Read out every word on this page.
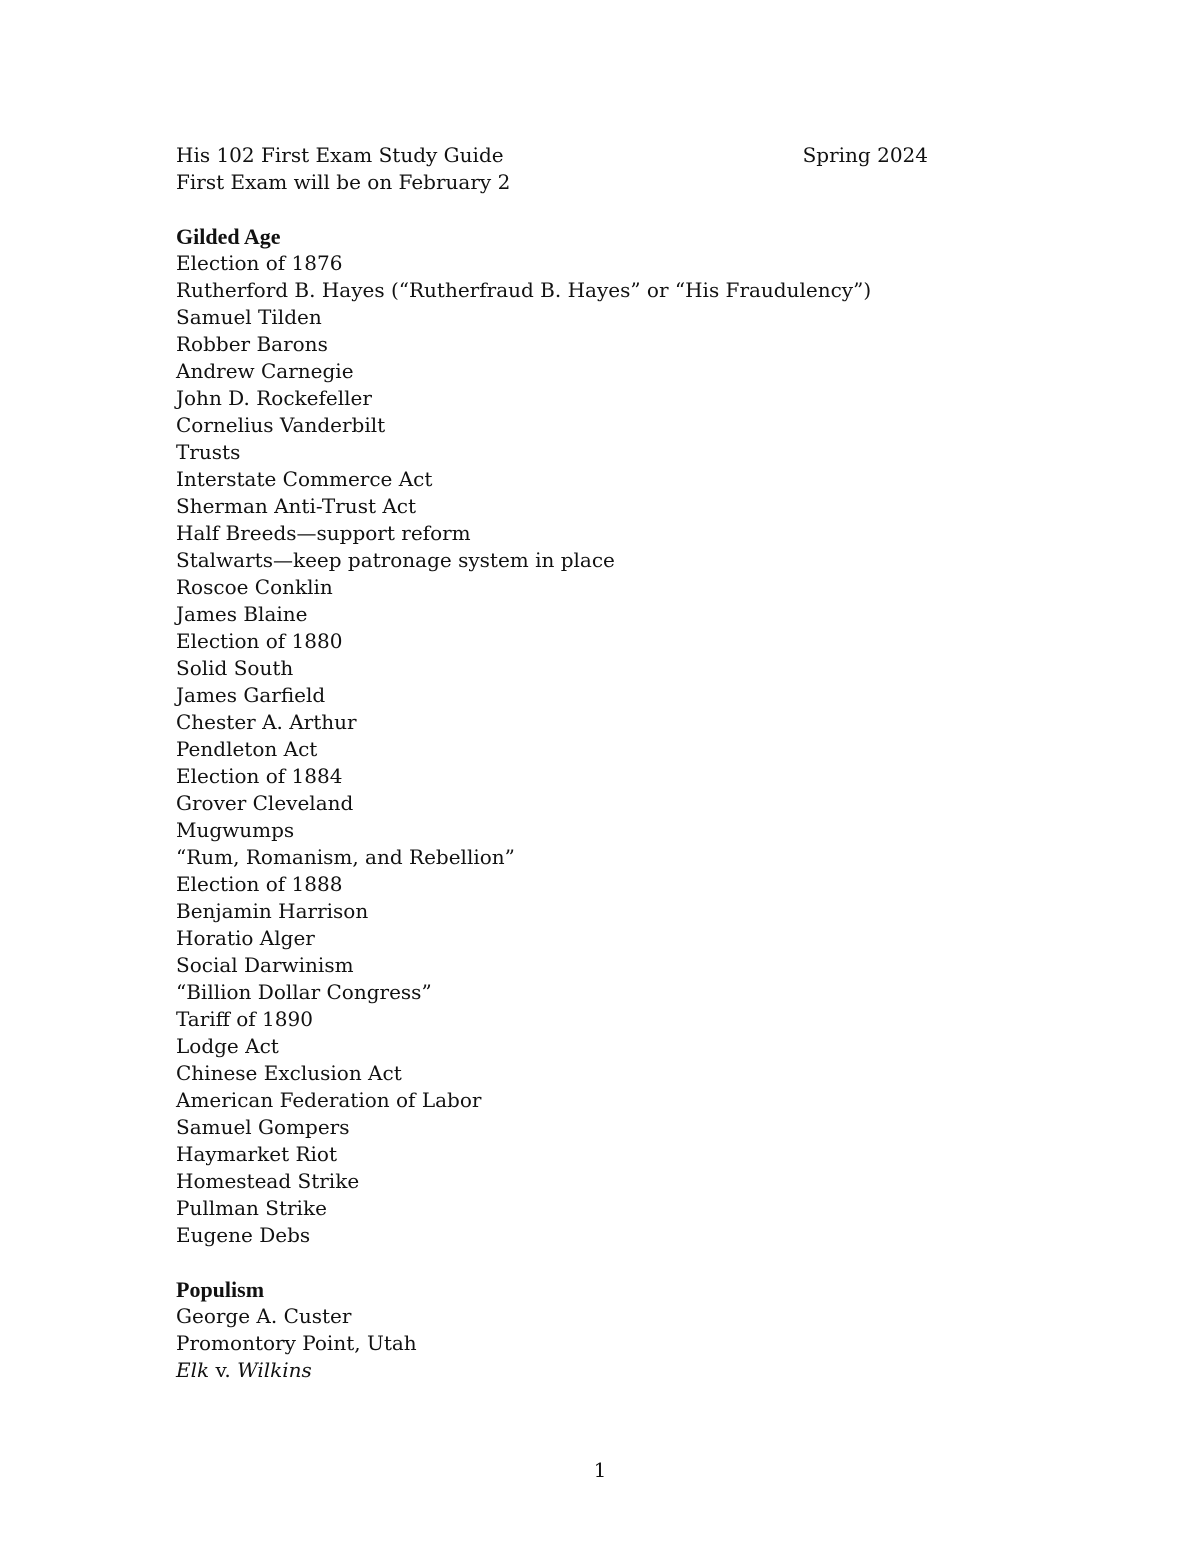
His 102 First Exam Study Guide	Spring 2024
First Exam will be on February 2
Gilded Age
Election of 1876
Rutherford B. Hayes (“Rutherfraud B. Hayes” or “His Fraudulency”)
Samuel Tilden
Robber Barons
Andrew Carnegie
John D. Rockefeller
Cornelius Vanderbilt
Trusts
Interstate Commerce Act
Sherman Anti-Trust Act
Half Breeds—support reform
Stalwarts—keep patronage system in place
Roscoe Conklin
James Blaine
Election of 1880
Solid South
James Garfield
Chester A. Arthur
Pendleton Act
Election of 1884
Grover Cleveland
Mugwumps
“Rum, Romanism, and Rebellion”
Election of 1888
Benjamin Harrison
Horatio Alger
Social Darwinism
“Billion Dollar Congress”
Tariff of 1890
Lodge Act
Chinese Exclusion Act
American Federation of Labor
Samuel Gompers
Haymarket Riot
Homestead Strike
Pullman Strike
Eugene Debs
Populism
George A. Custer
Promontory Point, Utah
Elk v. Wilkins
1
